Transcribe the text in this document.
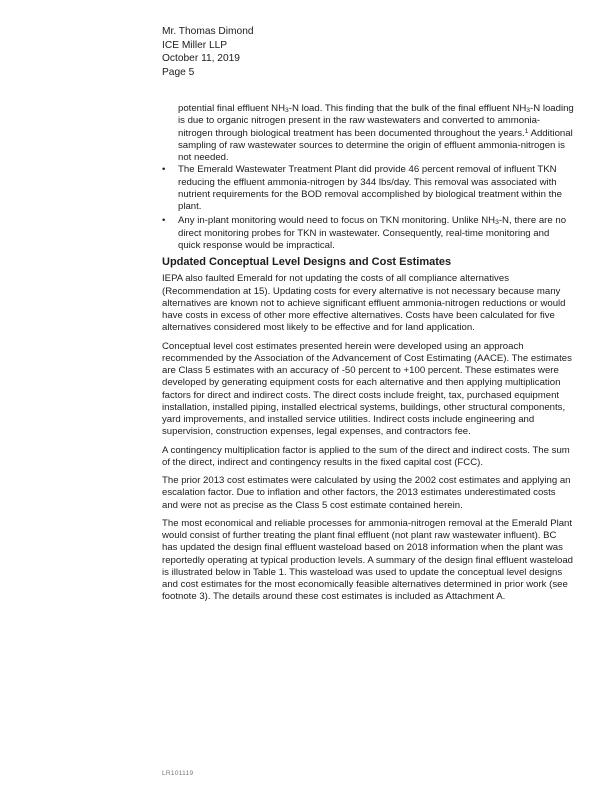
Mr. Thomas Dimond
ICE Miller LLP
October 11, 2019
Page 5

potential final effluent $NH_3-N$ load. This finding that the bulk of the final effluent $NH_3-N$ loading is due to organic nitrogen present in the raw wastewaters and converted to ammonia-nitrogen through biological treatment has been documented throughout the years.$^1$ Additional sampling of raw wastewater sources to determine the origin of effluent ammonia-nitrogen is not needed.

• The Emerald Wastewater Treatment Plant did provide 46 percent removal of influent TKN reducing the effluent ammonia-nitrogen by 344 lbs/day. This removal was associated with nutrient requirements for the BOD removal accomplished by biological treatment within the plant.
• Any in-plant monitoring would need to focus on TKN monitoring. Unlike $NH_3-N$, there are no direct monitoring probes for TKN in wastewater. Consequently, real-time monitoring and quick response would be impractical.
Updated Conceptual Level Designs and Cost Estimates

IEPA also faulted Emerald for not updating the costs of all compliance alternatives (Recommendation at 15). Updating costs for every alternative is not necessary because many alternatives are known not to achieve significant effluent ammonia-nitrogen reductions or would have costs in excess of other more effective alternatives. Costs have been calculated for five alternatives considered most likely to be effective and for land application.

Conceptual level cost estimates presented herein were developed using an approach recommended by the Association of the Advancement of Cost Estimating (AACE). The estimates are Class 5 estimates with an accuracy of -50 percent to +100 percent. These estimates were developed by generating equipment costs for each alternative and then applying multiplication factors for direct and indirect costs. The direct costs include freight, tax, purchased equipment installation, installed piping, installed electrical systems, buildings, other structural components, yard improvements, and installed service utilities. Indirect costs include engineering and supervision, construction expenses, legal expenses, and contractors fee.

A contingency multiplication factor is applied to the sum of the direct and indirect costs. The sum of the direct, indirect and contingency results in the fixed capital cost (FCC).

The prior 2013 cost estimates were calculated by using the 2002 cost estimates and applying an escalation factor. Due to inflation and other factors, the 2013 estimates underestimated costs and were not as precise as the Class 5 cost estimate contained herein.

The most economical and reliable processes for ammonia-nitrogen removal at the Emerald Plant would consist of further treating the plant final effluent (not plant raw wastewater influent). BC has updated the design final effluent wasteload based on 2018 information when the plant was reportedly operating at typical production levels. A summary of the design final effluent wasteload is illustrated below in Table 1. This wasteload was used to update the conceptual level designs and cost estimates for the most economically feasible alternatives determined in prior work (see footnote 3). The details around these cost estimates is included as Attachment A.

LR101119
